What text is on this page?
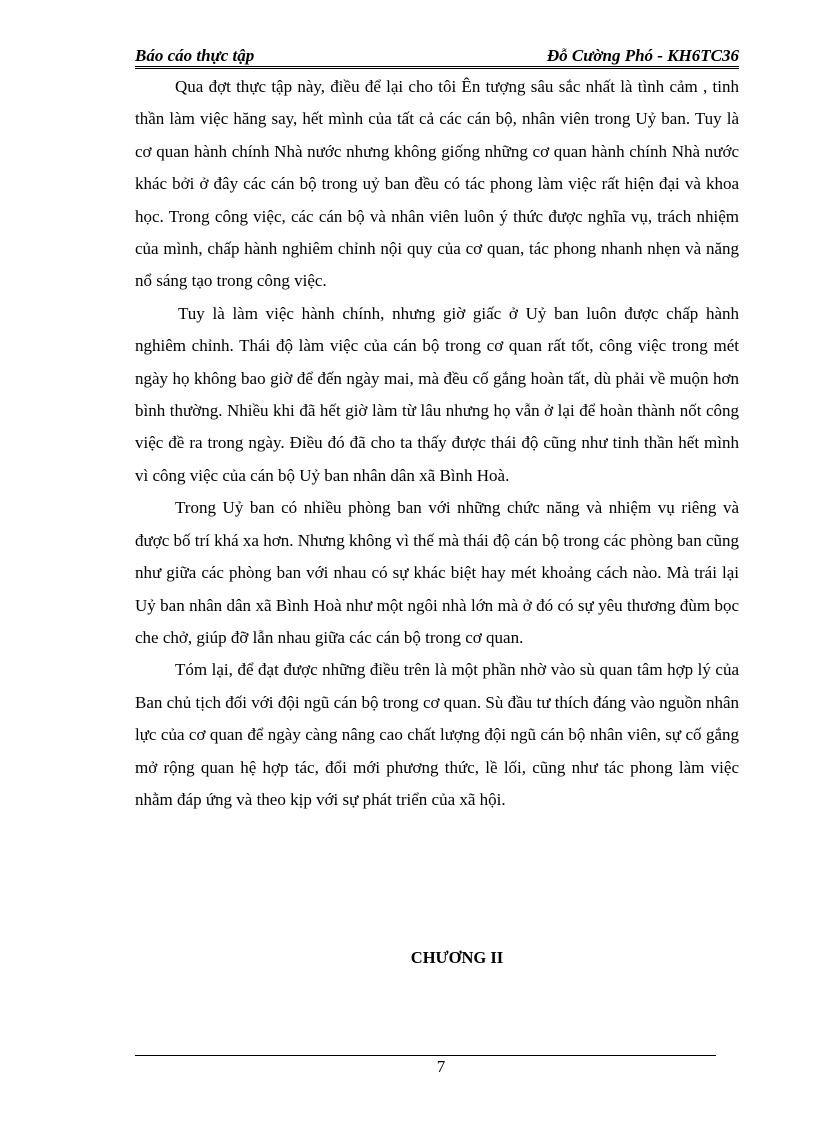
Báo cáo thực tập	Đỗ Cường Phó - KH6TC36

Qua đợt thực tập này, điều để lại cho tôi Ên tượng sâu sắc nhất là tình cảm , tinh thần làm việc hăng say, hết mình của tất cả các cán bộ, nhân viên trong Uỷ ban. Tuy là cơ quan hành chính Nhà nước nhưng không giống những cơ quan hành chính Nhà nước khác bởi ở đây các cán bộ trong uỷ ban đều có tác phong làm việc rất hiện đại và khoa học. Trong công việc, các cán bộ và nhân viên luôn ý thức được nghĩa vụ, trách nhiệm của mình, chấp hành nghiêm chỉnh nội quy của cơ quan, tác phong nhanh nhẹn và năng nổ sáng tạo trong công việc.

Tuy là làm việc hành chính, nhưng giờ giấc ở Uỷ ban luôn được chấp hành nghiêm chỉnh. Thái độ làm việc của cán bộ trong cơ quan rất tốt, công việc trong mét ngày họ không bao giờ để đến ngày mai, mà đều cố gắng hoàn tất, dù phải về muộn hơn bình thường. Nhiều khi đã hết giờ làm từ lâu nhưng họ vẫn ở lại để hoàn thành nốt công việc đề ra trong ngày. Điều đó đã cho ta thấy được thái độ cũng như tinh thần hết mình vì công việc của cán bộ Uỷ ban nhân dân xã Bình Hoà.

Trong Uỷ ban có nhiều phòng ban với những chức năng và nhiệm vụ riêng và được bố trí khá xa hơn. Nhưng không vì thế mà thái độ cán bộ trong các phòng ban cũng như giữa các phòng ban với nhau có sự khác biệt hay mét khoảng cách nào. Mà trái lại Uỷ ban nhân dân xã Bình Hoà như một ngôi nhà lớn mà ở đó có sự yêu thương đùm bọc che chở, giúp đỡ lẫn nhau giữa các cán bộ trong cơ quan.

Tóm lại, để đạt được những điều trên là một phần nhờ vào sù quan tâm hợp lý của Ban chủ tịch đối với đội ngũ cán bộ trong cơ quan. Sù đầu tư thích đáng vào nguồn nhân lực của cơ quan để ngày càng nâng cao chất lượng đội ngũ cán bộ nhân viên, sự cố gắng mở rộng quan hệ hợp tác, đổi mới phương thức, lề lối, cũng như tác phong làm việc nhằm đáp ứng và theo kịp với sự phát triển của xã hội.

CHƯƠNG II
7
